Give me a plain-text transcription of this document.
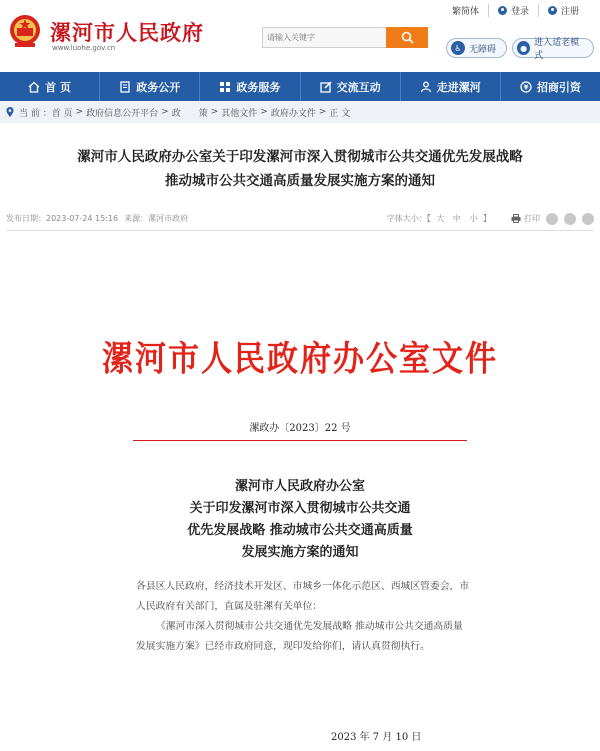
漯河市人民政府
www.luohe.gov.cn
请输入关键字	♿ 无障碍	● 进入适老模式
繁简体	登录	注册
首 页	政务公开	政务服务	交流互动	走进漯河	¥ 招商引资
当 前 ： 首 页 > 政府信息公开平台 > 政　　策 > 其他文件 > 政府办文件 > 正 文
漯河市人民政府办公室关于印发漯河市深入贯彻城市公共交通优先发展战略
推动城市公共交通高质量发展实施方案的通知
发布日期：2023-07-24 15:16 来源：漯河市政府	字体大小：【 大 中 小 】	打印
漯河市人民政府办公室文件
漯政办〔2023〕22 号
漯河市人民政府办公室
关于印发漯河市深入贯彻城市公共交通
优先发展战略 推动城市公共交通高质量
发展实施方案的通知

各县区人民政府，经济技术开发区、市城乡一体化示范区、西城区管委会，市人民政府有关部门，直属及驻漯有关单位：

《漯河市深入贯彻城市公共交通优先发展战略 推动城市公共交通高质量发展实施方案》已经市政府同意，现印发给你们，请认真贯彻执行。

2023 年 7 月 10 日
